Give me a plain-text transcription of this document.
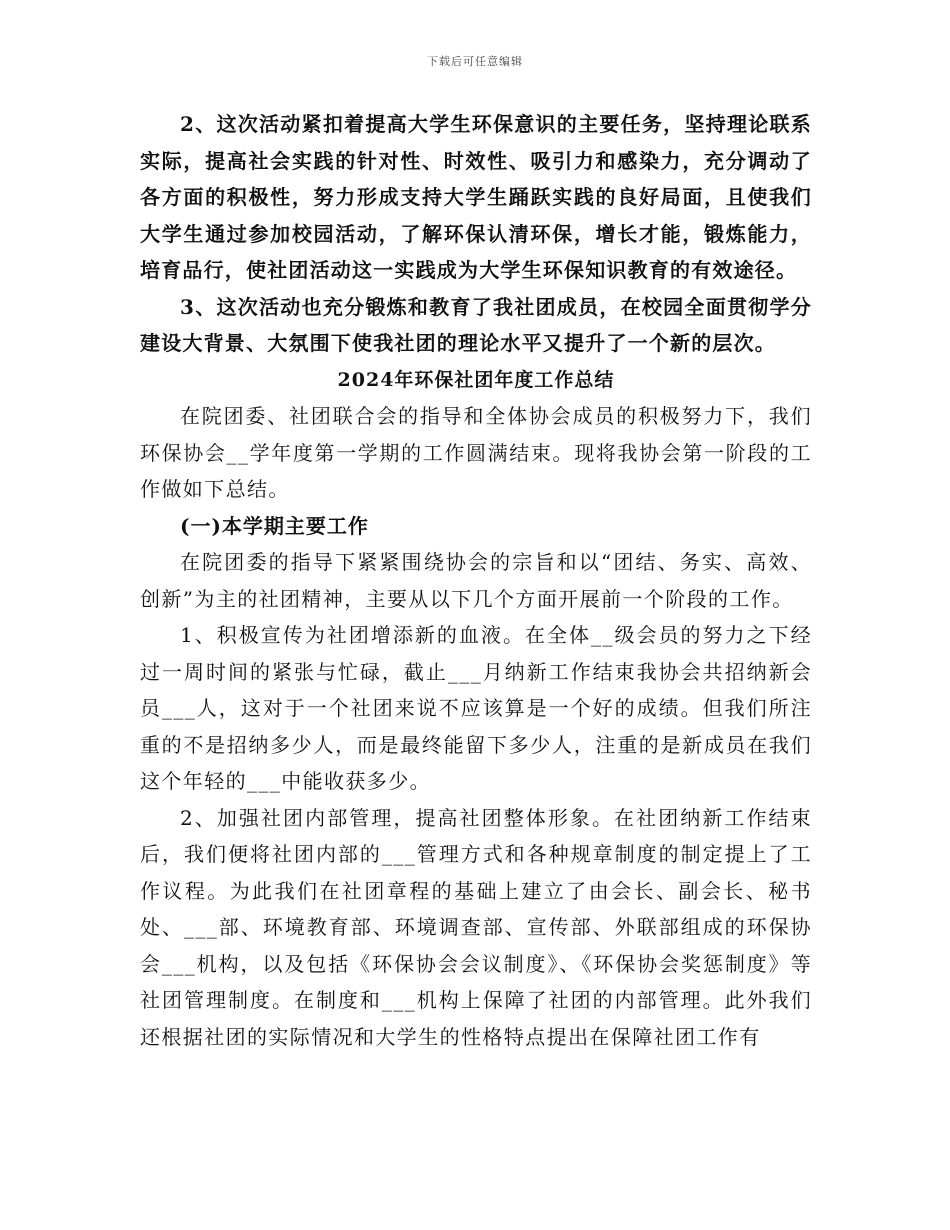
下载后可任意编辑

2、这次活动紧扣着提高大学生环保意识的主要任务，坚持理论联系实际，提高社会实践的针对性、时效性、吸引力和感染力，充分调动了各方面的积极性，努力形成支持大学生踊跃实践的良好局面，且使我们大学生通过参加校园活动，了解环保认清环保，增长才能，锻炼能力，培育品行，使社团活动这一实践成为大学生环保知识教育的有效途径。

3、这次活动也充分锻炼和教育了我社团成员，在校园全面贯彻学分建设大背景、大氛围下使我社团的理论水平又提升了一个新的层次。

2024年环保社团年度工作总结

在院团委、社团联合会的指导和全体协会成员的积极努力下，我们环保协会__学年度第一学期的工作圆满结束。现将我协会第一阶段的工作做如下总结。

(一)本学期主要工作

在院团委的指导下紧紧围绕协会的宗旨和以“团结、务实、高效、创新”为主的社团精神，主要从以下几个方面开展前一个阶段的工作。

1、积极宣传为社团增添新的血液。在全体__级会员的努力之下经过一周时间的紧张与忙碌，截止___月纳新工作结束我协会共招纳新会员___人，这对于一个社团来说不应该算是一个好的成绩。但我们所注重的不是招纳多少人，而是最终能留下多少人，注重的是新成员在我们这个年轻的___中能收获多少。

2、加强社团内部管理，提高社团整体形象。在社团纳新工作结束后，我们便将社团内部的___管理方式和各种规章制度的制定提上了工作议程。为此我们在社团章程的基础上建立了由会长、副会长、秘书处、___部、环境教育部、环境调查部、宣传部、外联部组成的环保协会___机构，以及包括《环保协会会议制度》、《环保协会奖惩制度》等社团管理制度。在制度和___机构上保障了社团的内部管理。此外我们还根据社团的实际情况和大学生的性格特点提出在保障社团工作有
